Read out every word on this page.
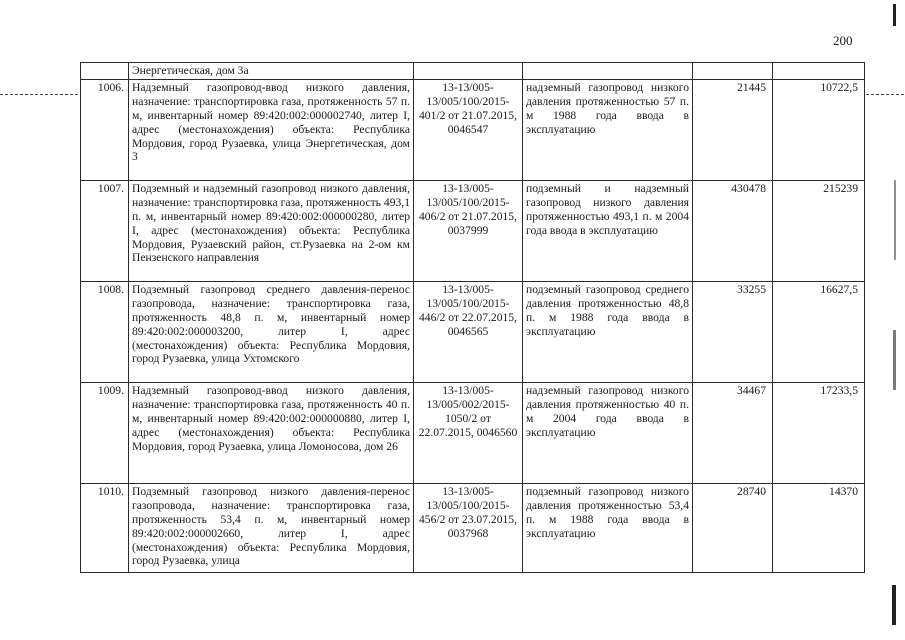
200
	Энергетическая, дом 3а				
1006.	Надземный газопровод-ввод низкого давления, назначение: транспортировка газа, протяженность 57 п. м, инвентарный номер 89:420:002:000002740, литер I, адрес (местонахождения) объекта: Республика Мордовия, город Рузаевка, улица Энергетическая, дом 3	13-13/005-13/005/100/2015-401/2 от 21.07.2015, 0046547	надземный газопровод низкого давления протяженностью 57 п. м 1988 года ввода в эксплуатацию	21445	10722,5
1007.	Подземный и надземный газопровод низкого давления, назначение: транспортировка газа, протяженность 493,1 п. м, инвентарный номер 89:420:002:000000280, литер I, адрес (местонахождения) объекта: Республика Мордовия, Рузаевский район, ст.Рузаевка на 2-ом км Пензенского направления	13-13/005-13/005/100/2015-406/2 от 21.07.2015, 0037999	подземный и надземный газопровод низкого давления протяженностью 493,1 п. м 2004 года ввода в эксплуатацию	430478	215239
1008.	Подземный газопровод среднего давления-перенос газопровода, назначение: транспортировка газа, протяженность 48,8 п. м, инвентарный номер 89:420:002:000003200, литер I, адрес (местонахождения) объекта: Республика Мордовия, город Рузаевка, улица Ухтомского	13-13/005-13/005/100/2015-446/2 от 22.07.2015, 0046565	подземный газопровод среднего давления протяженностью 48,8 п. м 1988 года ввода в эксплуатацию	33255	16627,5
1009.	Надземный газопровод-ввод низкого давления, назначение: транспортировка газа, протяженность 40 п. м, инвентарный номер 89:420:002:000000880, литер I, адрес (местонахождения) объекта: Республика Мордовия, город Рузаевка, улица Ломоносова, дом 26	13-13/005-13/005/002/2015-1050/2 от 22.07.2015, 0046560	надземный газопровод низкого давления протяженностью 40 п. м 2004 года ввода в эксплуатацию	34467	17233,5
1010.	Подземный газопровод низкого давления-перенос газопровода, назначение: транспортировка газа, протяженность 53,4 п. м, инвентарный номер 89:420:002:000002660, литер I, адрес (местонахождения) объекта: Республика Мордовия, город Рузаевка, улица	13-13/005-13/005/100/2015-456/2 от 23.07.2015, 0037968	подземный газопровод низкого давления протяженностью 53,4 п. м 1988 года ввода в эксплуатацию	28740	14370
